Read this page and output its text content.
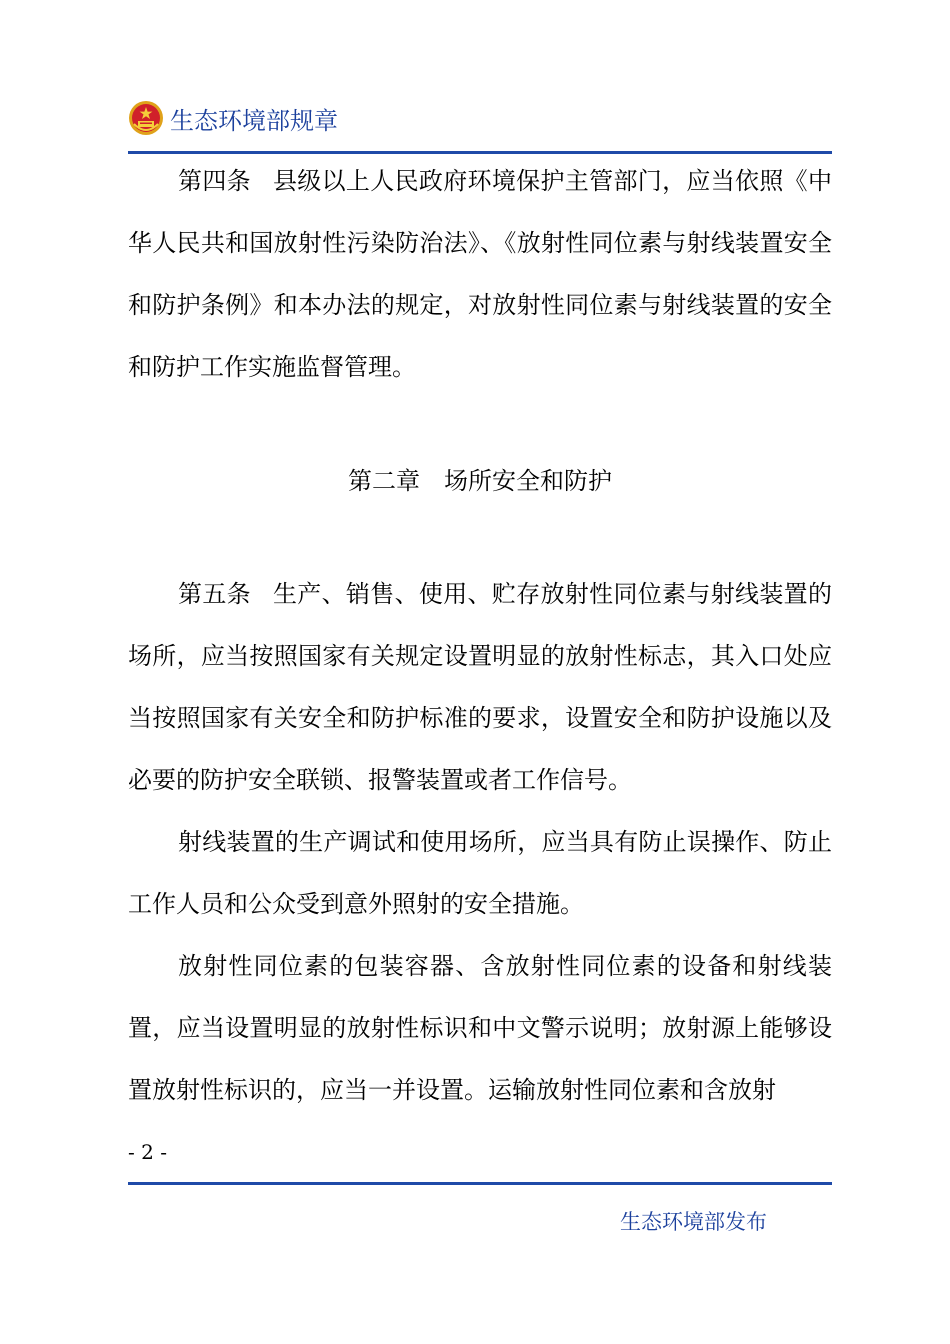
生态环境部规章

第四条 县级以上人民政府环境保护主管部门，应当依照《中华人民共和国放射性污染防治法》、《放射性同位素与射线装置安全和防护条例》和本办法的规定，对放射性同位素与射线装置的安全和防护工作实施监督管理。

第二章 场所安全和防护

第五条 生产、销售、使用、贮存放射性同位素与射线装置的场所，应当按照国家有关规定设置明显的放射性标志，其入口处应当按照国家有关安全和防护标准的要求，设置安全和防护设施以及必要的防护安全联锁、报警装置或者工作信号。

射线装置的生产调试和使用场所，应当具有防止误操作、防止工作人员和公众受到意外照射的安全措施。

放射性同位素的包装容器、含放射性同位素的设备和射线装置，应当设置明显的放射性标识和中文警示说明；放射源上能够设置放射性标识的，应当一并设置。运输放射性同位素和含放射

- 2 -
生态环境部发布
